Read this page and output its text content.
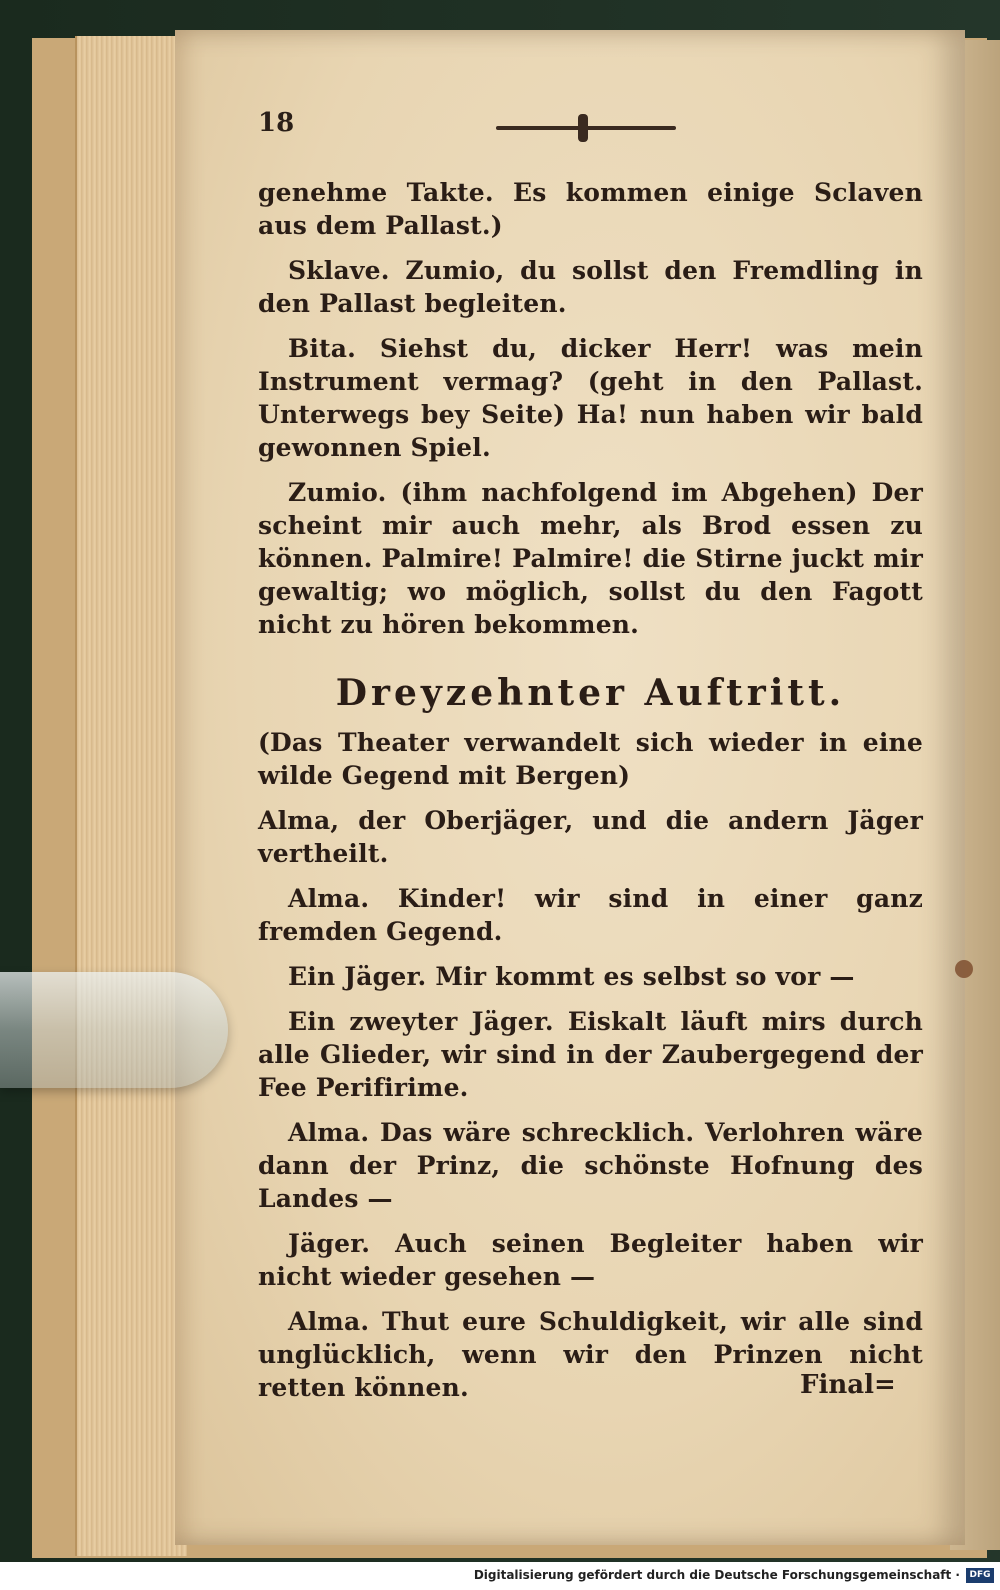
18

genehme Takte. Es kommen einige Sclaven aus dem Pallast.)

Sklave. Zumio, du sollst den Fremdling in den Pallast begleiten.

Bita. Siehst du, dicker Herr! was mein Instrument vermag? (geht in den Pallast. Unterwegs bey Seite) Ha! nun haben wir bald gewonnen Spiel.

Zumio. (ihm nachfolgend im Abgehen) Der scheint mir auch mehr, als Brod essen zu können. Palmire! Palmire! die Stirne juckt mir gewaltig; wo möglich, sollst du den Fagott nicht zu hören bekommen.

Dreyzehnter Auftritt.

(Das Theater verwandelt sich wieder in eine wilde Gegend mit Bergen)

Alma, der Oberjäger, und die andern Jäger vertheilt.

Alma. Kinder! wir sind in einer ganz fremden Gegend.

Ein Jäger. Mir kommt es selbst so vor —

Ein zweyter Jäger. Eiskalt läuft mirs durch alle Glieder, wir sind in der Zaubergegend der Fee Perifirime.

Alma. Das wäre schrecklich. Verlohren wäre dann der Prinz, die schönste Hofnung des Landes —

Jäger. Auch seinen Begleiter haben wir nicht wieder gesehen —

Alma. Thut eure Schuldigkeit, wir alle sind unglücklich, wenn wir den Prinzen nicht retten können.	Final=
Digitalisierung gefördert durch die Deutsche Forschungsgemeinschaft ·	DFG
